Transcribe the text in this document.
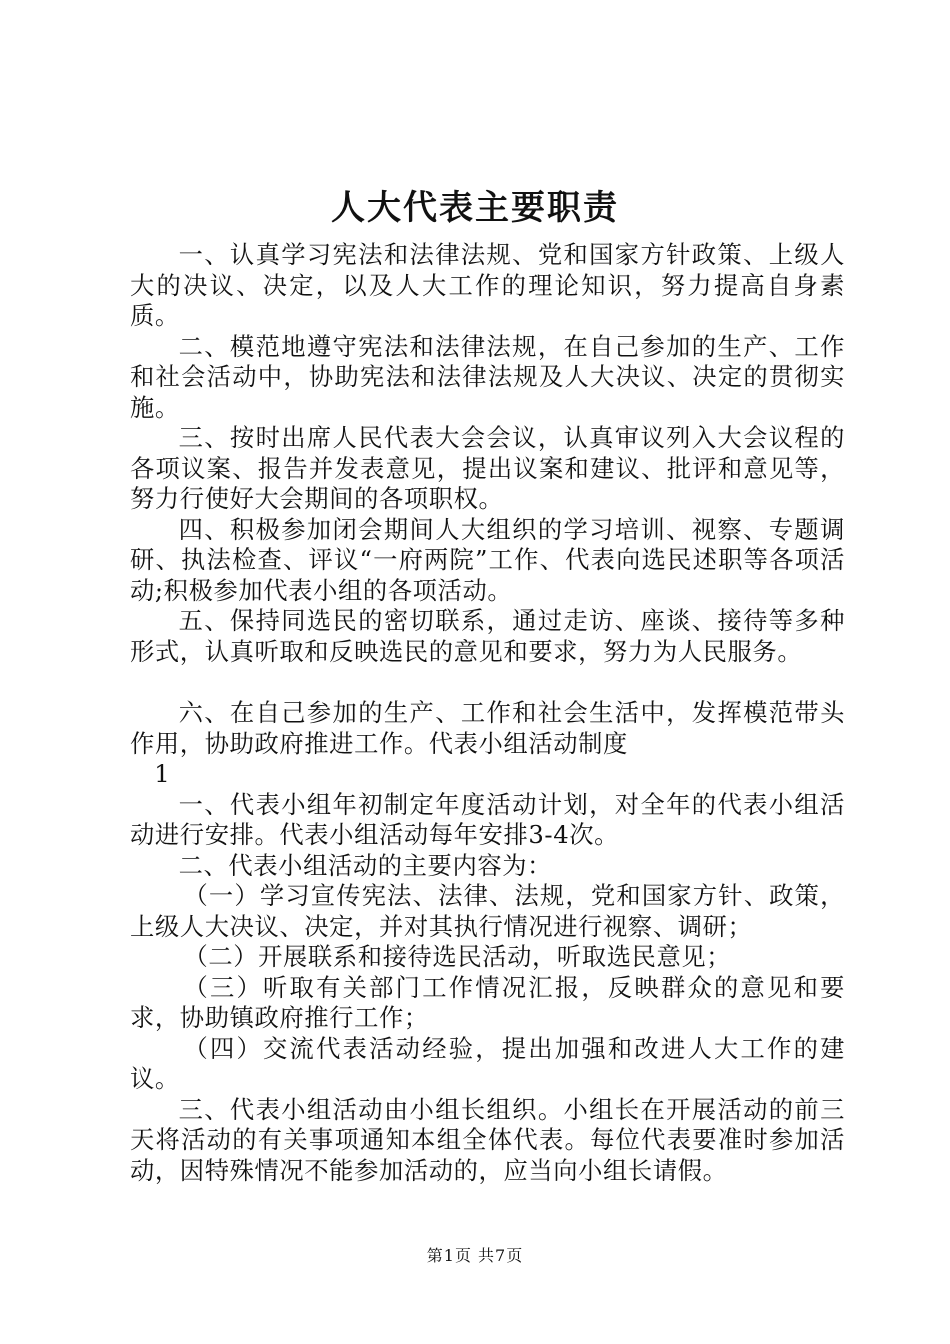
人大代表主要职责

一、认真学习宪法和法律法规、党和国家方针政策、上级人大的决议、决定，以及人大工作的理论知识，努力提高自身素质。

二、模范地遵守宪法和法律法规，在自己参加的生产、工作和社会活动中，协助宪法和法律法规及人大决议、决定的贯彻实施。

三、按时出席人民代表大会会议，认真审议列入大会议程的各项议案、报告并发表意见，提出议案和建议、批评和意见等，努力行使好大会期间的各项职权。

四、积极参加闭会期间人大组织的学习培训、视察、专题调研、执法检查、评议“一府两院”工作、代表向选民述职等各项活动;积极参加代表小组的各项活动。

五、保持同选民的密切联系，通过走访、座谈、接待等多种形式，认真听取和反映选民的意见和要求，努力为人民服务。

六、在自己参加的生产、工作和社会生活中，发挥模范带头作用，协助政府推进工作。代表小组活动制度

1

一、代表小组年初制定年度活动计划，对全年的代表小组活动进行安排。代表小组活动每年安排3-4次。

二、代表小组活动的主要内容为：

（一）学习宣传宪法、法律、法规，党和国家方针、政策，上级人大决议、决定，并对其执行情况进行视察、调研；

（二）开展联系和接待选民活动，听取选民意见；

（三）听取有关部门工作情况汇报，反映群众的意见和要求，协助镇政府推行工作；

（四）交流代表活动经验，提出加强和改进人大工作的建议。

三、代表小组活动由小组长组织。小组长在开展活动的前三天将活动的有关事项通知本组全体代表。每位代表要准时参加活动，因特殊情况不能参加活动的，应当向小组长请假。

第1页 共7页
